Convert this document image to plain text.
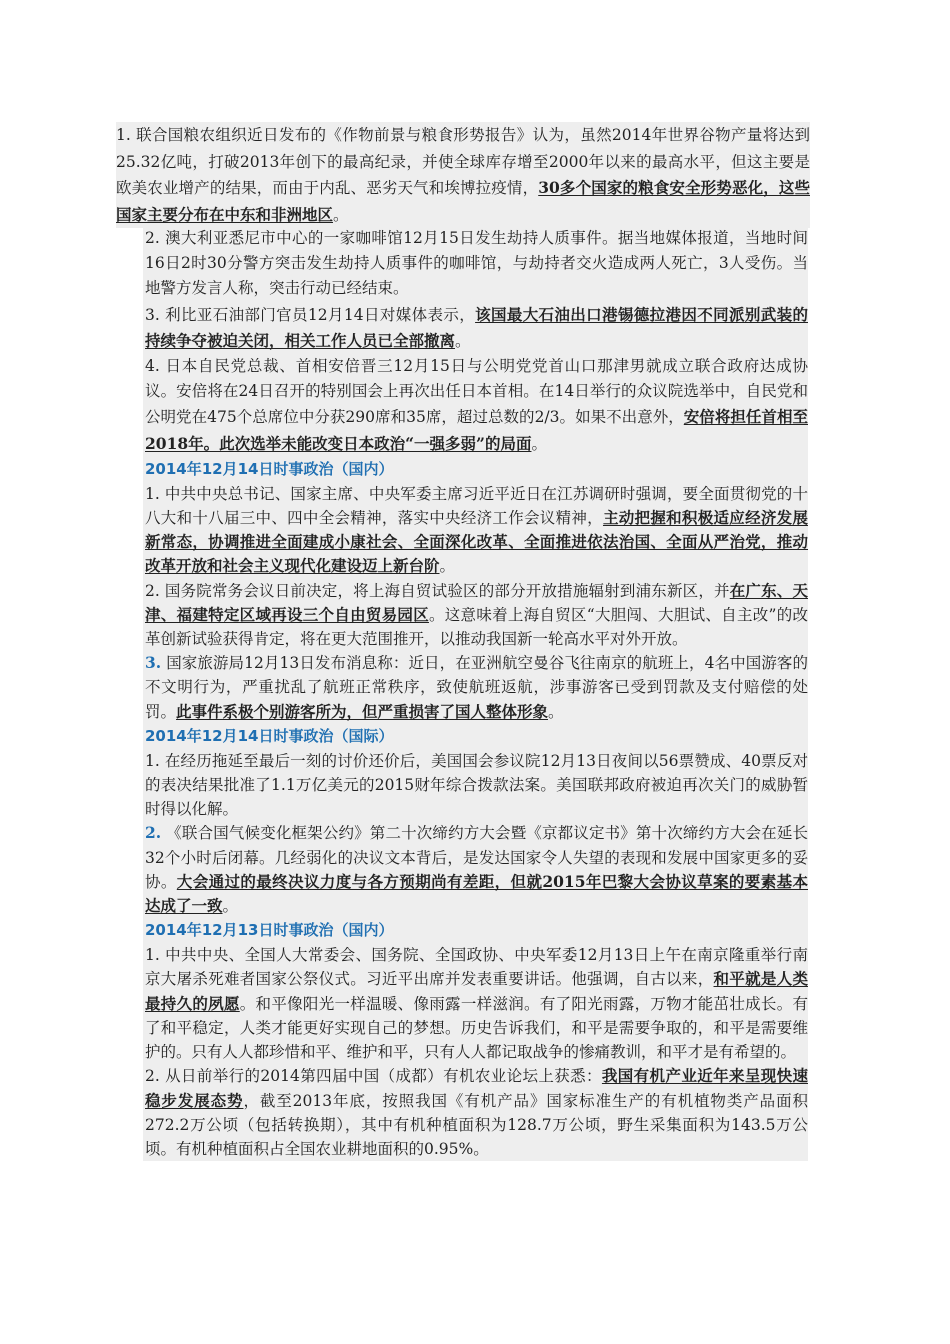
1. 联合国粮农组织近日发布的《作物前景与粮食形势报告》认为，虽然2014年世界谷物产量将达到25.32亿吨，打破2013年创下的最高纪录，并使全球库存增至2000年以来的最高水平，但这主要是欧美农业增产的结果，而由于内乱、恶劣天气和埃博拉疫情，30多个国家的粮食安全形势恶化，这些国家主要分布在中东和非洲地区。

2. 澳大利亚悉尼市中心的一家咖啡馆12月15日发生劫持人质事件。据当地媒体报道，当地时间16日2时30分警方突击发生劫持人质事件的咖啡馆，与劫持者交火造成两人死亡，3人受伤。当地警方发言人称，突击行动已经结束。

3. 利比亚石油部门官员12月14日对媒体表示，该国最大石油出口港锡德拉港因不同派别武装的持续争夺被迫关闭，相关工作人员已全部撤离。

4. 日本自民党总裁、首相安倍晋三12月15日与公明党党首山口那津男就成立联合政府达成协议。安倍将在24日召开的特别国会上再次出任日本首相。在14日举行的众议院选举中，自民党和公明党在475个总席位中分获290席和35席，超过总数的2/3。如果不出意外，安倍将担任首相至2018年。此次选举未能改变日本政治“一强多弱”的局面。

2014年12月14日时事政治（国内）

1. 中共中央总书记、国家主席、中央军委主席习近平近日在江苏调研时强调，要全面贯彻党的十八大和十八届三中、四中全会精神，落实中央经济工作会议精神，主动把握和积极适应经济发展新常态，协调推进全面建成小康社会、全面深化改革、全面推进依法治国、全面从严治党，推动改革开放和社会主义现代化建设迈上新台阶。

2. 国务院常务会议日前决定，将上海自贸试验区的部分开放措施辐射到浦东新区，并在广东、天津、福建特定区域再设三个自由贸易园区。这意味着上海自贸区“大胆闯、大胆试、自主改”的改革创新试验获得肯定，将在更大范围推开，以推动我国新一轮高水平对外开放。

3. 国家旅游局12月13日发布消息称：近日，在亚洲航空曼谷飞往南京的航班上，4名中国游客的不文明行为，严重扰乱了航班正常秩序，致使航班返航，涉事游客已受到罚款及支付赔偿的处罚。此事件系极个别游客所为，但严重损害了国人整体形象。

2014年12月14日时事政治（国际）

1. 在经历拖延至最后一刻的讨价还价后，美国国会参议院12月13日夜间以56票赞成、40票反对的表决结果批准了1.1万亿美元的2015财年综合拨款法案。美国联邦政府被迫再次关门的威胁暂时得以化解。

2. 《联合国气候变化框架公约》第二十次缔约方大会暨《京都议定书》第十次缔约方大会在延长32个小时后闭幕。几经弱化的决议文本背后，是发达国家令人失望的表现和发展中国家更多的妥协。大会通过的最终决议力度与各方预期尚有差距，但就2015年巴黎大会协议草案的要素基本达成了一致。

2014年12月13日时事政治（国内）

1. 中共中央、全国人大常委会、国务院、全国政协、中央军委12月13日上午在南京隆重举行南京大屠杀死难者国家公祭仪式。习近平出席并发表重要讲话。他强调，自古以来，和平就是人类最持久的夙愿。和平像阳光一样温暖、像雨露一样滋润。有了阳光雨露，万物才能茁壮成长。有了和平稳定，人类才能更好实现自己的梦想。历史告诉我们，和平是需要争取的，和平是需要维护的。只有人人都珍惜和平、维护和平，只有人人都记取战争的惨痛教训，和平才是有希望的。

2. 从日前举行的2014第四届中国（成都）有机农业论坛上获悉：我国有机产业近年来呈现快速稳步发展态势，截至2013年底，按照我国《有机产品》国家标准生产的有机植物类产品面积272.2万公顷（包括转换期），其中有机种植面积为128.7万公顷，野生采集面积为143.5万公顷。有机种植面积占全国农业耕地面积的0.95%。
